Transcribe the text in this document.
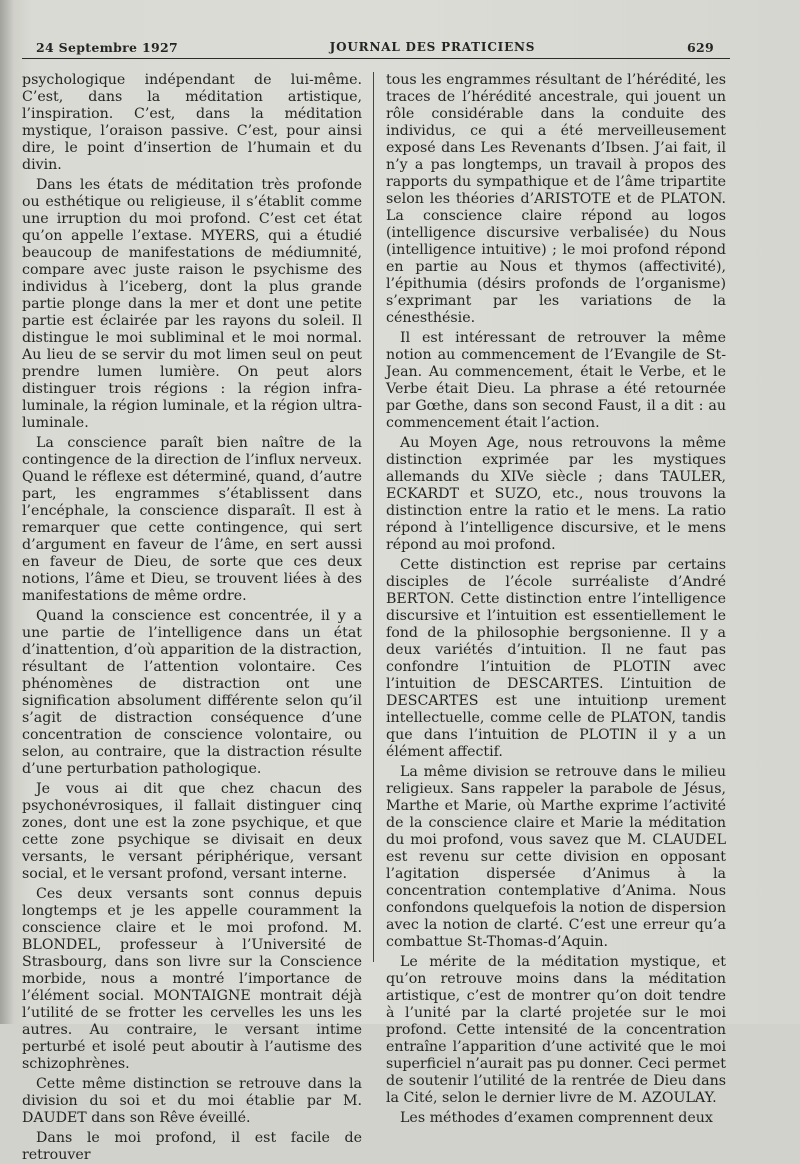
24 Septembre 1927	JOURNAL DES PRATICIENS	629

psychologique indépendant de lui-même. C’est, dans la méditation artistique, l’inspiration. C’est, dans la méditation mystique, l’oraison passive. C’est, pour ainsi dire, le point d’insertion de l’humain et du divin.

Dans les états de méditation très profonde ou esthétique ou religieuse, il s’établit comme une irruption du moi profond. C’est cet état qu’on appelle l’extase. MYERS, qui a étudié beaucoup de manifestations de médiumnité, compare avec juste raison le psychisme des individus à l’iceberg, dont la plus grande partie plonge dans la mer et dont une petite partie est éclairée par les rayons du soleil. Il distingue le moi subliminal et le moi normal. Au lieu de se servir du mot limen seul on peut prendre lumen lumière. On peut alors distinguer trois régions : la région infra-luminale, la région luminale, et la région ultra-luminale.

La conscience paraît bien naître de la contingence de la direction de l’influx nerveux. Quand le réflexe est déterminé, quand, d’autre part, les engrammes s’établissent dans l’encéphale, la conscience disparaît. Il est à remarquer que cette contingence, qui sert d’argument en faveur de l’âme, en sert aussi en faveur de Dieu, de sorte que ces deux notions, l’âme et Dieu, se trouvent liées à des manifestations de même ordre.

Quand la conscience est concentrée, il y a une partie de l’intelligence dans un état d’inattention, d’où apparition de la distraction, résultant de l’attention volontaire. Ces phénomènes de distraction ont une signification absolument différente selon qu’il s’agit de distraction conséquence d’une concentration de conscience volontaire, ou selon, au contraire, que la distraction résulte d’une perturbation pathologique.

Je vous ai dit que chez chacun des psychonévrosiques, il fallait distinguer cinq zones, dont une est la zone psychique, et que cette zone psychique se divisait en deux versants, le versant périphérique, versant social, et le versant profond, versant interne.

Ces deux versants sont connus depuis longtemps et je les appelle couramment la conscience claire et le moi profond. M. BLONDEL, professeur à l’Université de Strasbourg, dans son livre sur la Conscience morbide, nous a montré l’importance de l’élément social. MONTAIGNE montrait déjà l’utilité de se frotter les cervelles les uns les autres. Au contraire, le versant intime perturbé et isolé peut aboutir à l’autisme des schizophrènes.

Cette même distinction se retrouve dans la division du soi et du moi établie par M. DAUDET dans son Rêve éveillé.

Dans le moi profond, il est facile de retrouver

tous les engrammes résultant de l’hérédité, les traces de l’hérédité ancestrale, qui jouent un rôle considérable dans la conduite des individus, ce qui a été merveilleusement exposé dans Les Revenants d’Ibsen. J’ai fait, il n’y a pas longtemps, un travail à propos des rapports du sympathique et de l’âme tripartite selon les théories d’ARISTOTE et de PLATON. La conscience claire répond au logos (intelligence discursive verbalisée) du Nous (intelligence intuitive) ; le moi profond répond en partie au Nous et thymos (affectivité), l’épithumia (désirs profonds de l’organisme) s’exprimant par les variations de la cénesthésie.

Il est intéressant de retrouver la même notion au commencement de l’Evangile de St-Jean. Au commencement, était le Verbe, et le Verbe était Dieu. La phrase a été retournée par Gœthe, dans son second Faust, il a dit : au commencement était l’action.

Au Moyen Age, nous retrouvons la même distinction exprimée par les mystiques allemands du XIVe siècle ; dans TAULER, ECKARDT et SUZO, etc., nous trouvons la distinction entre la ratio et le mens. La ratio répond à l’intelligence discursive, et le mens répond au moi profond.

Cette distinction est reprise par certains disciples de l’école surréaliste d’André BERTON. Cette distinction entre l’intelligence discursive et l’intuition est essentiellement le fond de la philosophie bergsonienne. Il y a deux variétés d’intuition. Il ne faut pas confondre l’intuition de PLOTIN avec l’intuition de DESCARTES. L’intuition de DESCARTES est une intuitionp urement intellectuelle, comme celle de PLATON, tandis que dans l’intuition de PLOTIN il y a un élément affectif.

La même division se retrouve dans le milieu religieux. Sans rappeler la parabole de Jésus, Marthe et Marie, où Marthe exprime l’activité de la conscience claire et Marie la méditation du moi profond, vous savez que M. CLAUDEL est revenu sur cette division en opposant l’agitation dispersée d’Animus à la concentration contemplative d’Anima. Nous confondons quelquefois la notion de dispersion avec la notion de clarté. C’est une erreur qu’a combattue St-Thomas-d’Aquin.

Le mérite de la méditation mystique, et qu’on retrouve moins dans la méditation artistique, c’est de montrer qu’on doit tendre à l’unité par la clarté projetée sur le moi profond. Cette intensité de la concentration entraîne l’apparition d’une activité que le moi superficiel n’aurait pas pu donner. Ceci permet de soutenir l’utilité de la rentrée de Dieu dans la Cité, selon le dernier livre de M. AZOULAY.

Les méthodes d’examen comprennent deux
